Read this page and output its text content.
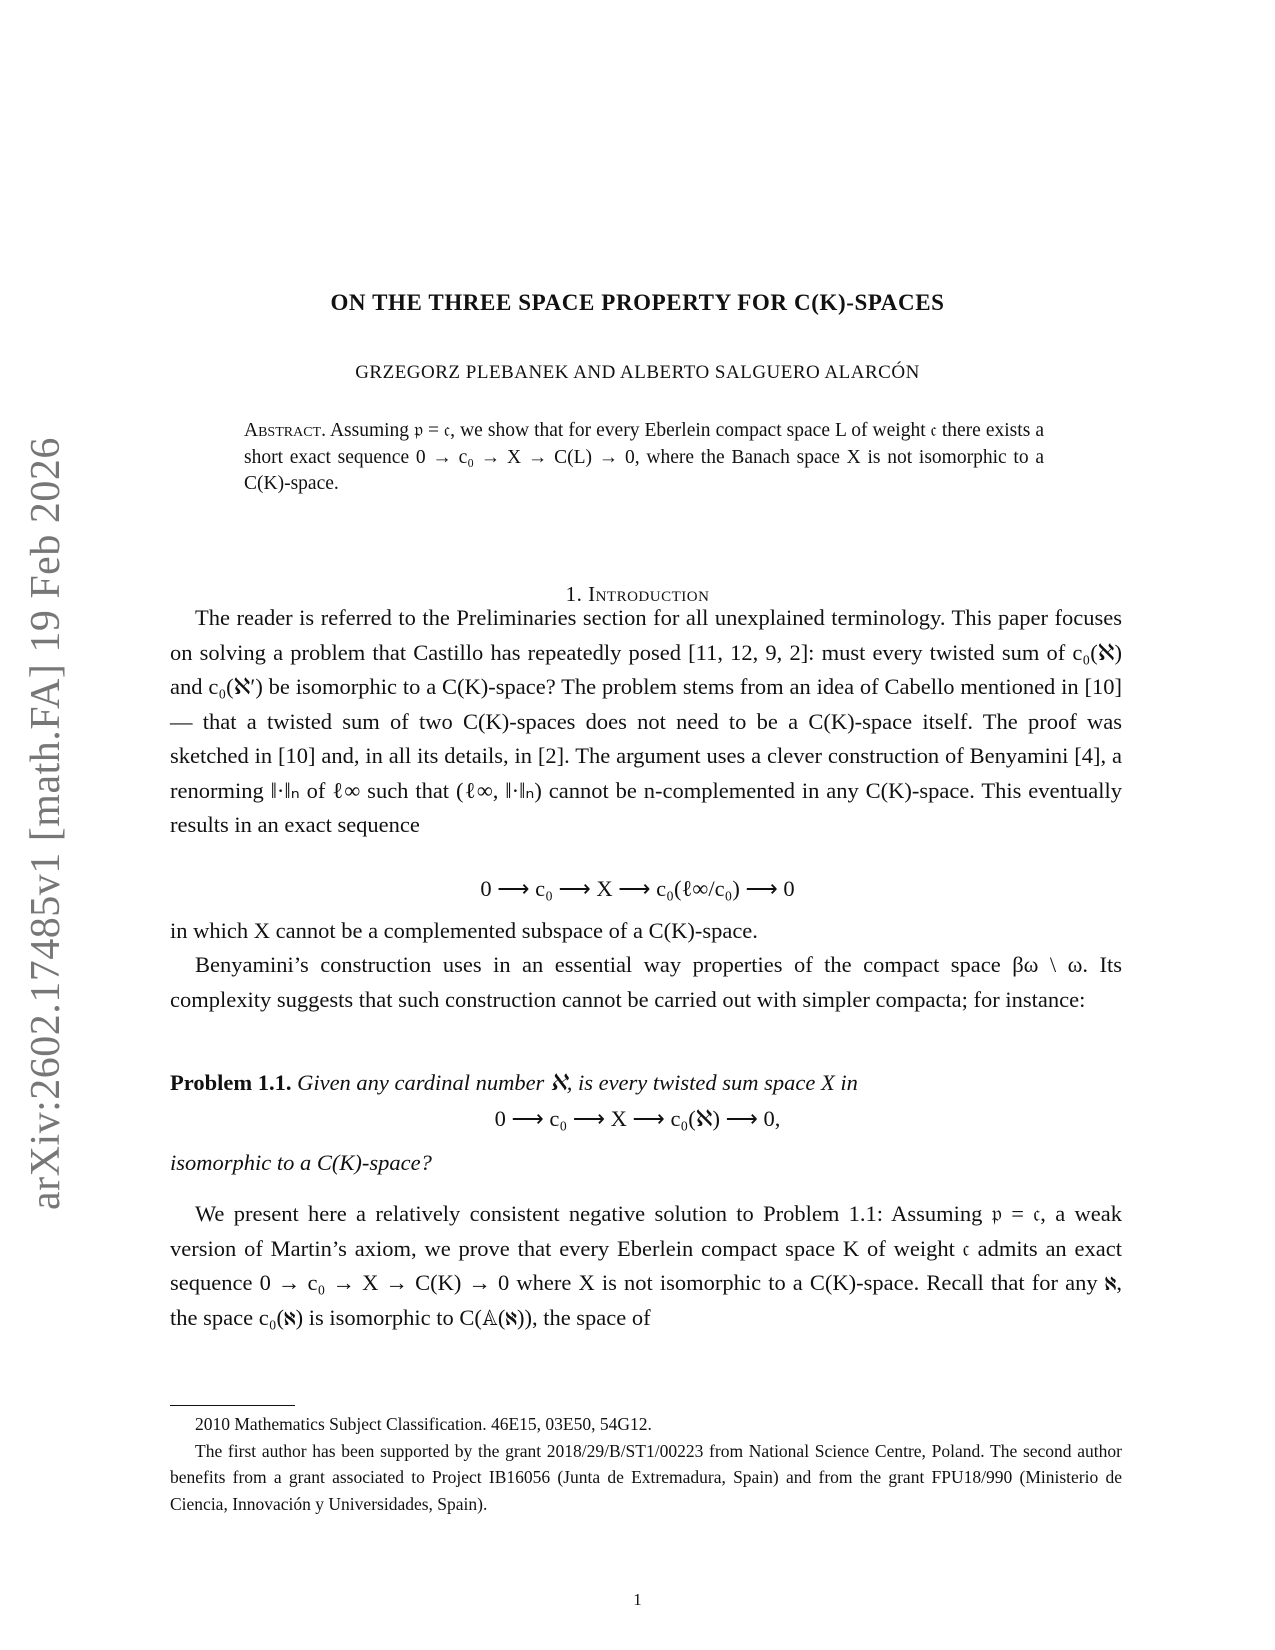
arXiv:2602.17485v1 [math.FA] 19 Feb 2026
ON THE THREE SPACE PROPERTY FOR C(K)-SPACES
GRZEGORZ PLEBANEK AND ALBERTO SALGUERO ALARCÓN
Abstract. Assuming 𝔭 = 𝔠, we show that for every Eberlein compact space L of weight 𝔠 there exists a short exact sequence 0 → c₀ → X → C(L) → 0, where the Banach space X is not isomorphic to a C(K)-space.
1. Introduction
The reader is referred to the Preliminaries section for all unexplained terminology. This paper focuses on solving a problem that Castillo has repeatedly posed [11, 12, 9, 2]: must every twisted sum of c₀(ℵ) and c₀(ℵ′) be isomorphic to a C(K)-space? The problem stems from an idea of Cabello mentioned in [10] — that a twisted sum of two C(K)-spaces does not need to be a C(K)-space itself. The proof was sketched in [10] and, in all its details, in [2]. The argument uses a clever construction of Benyamini [4], a renorming ‖·‖ₙ of ℓ∞ such that (ℓ∞, ‖·‖ₙ) cannot be n-complemented in any C(K)-space. This eventually results in an exact sequence
0 ⟶ c₀ ⟶ X ⟶ c₀(ℓ∞/c₀) ⟶ 0
in which X cannot be a complemented subspace of a C(K)-space.
Benyamini’s construction uses in an essential way properties of the compact space βω \ ω. Its complexity suggests that such construction cannot be carried out with simpler compacta; for instance:
Problem 1.1. Given any cardinal number ℵ, is every twisted sum space X in
0 ⟶ c₀ ⟶ X ⟶ c₀(ℵ) ⟶ 0,
isomorphic to a C(K)-space?
We present here a relatively consistent negative solution to Problem 1.1: Assuming 𝔭 = 𝔠, a weak version of Martin’s axiom, we prove that every Eberlein compact space K of weight 𝔠 admits an exact sequence 0 → c₀ → X → C(K) → 0 where X is not isomorphic to a C(K)-space. Recall that for any ℵ, the space c₀(ℵ) is isomorphic to C(𝔸(ℵ)), the space of
2010 Mathematics Subject Classification. 46E15, 03E50, 54G12.
The first author has been supported by the grant 2018/29/B/ST1/00223 from National Science Centre, Poland. The second author benefits from a grant associated to Project IB16056 (Junta de Extremadura, Spain) and from the grant FPU18/990 (Ministerio de Ciencia, Innovación y Universidades, Spain).
1
